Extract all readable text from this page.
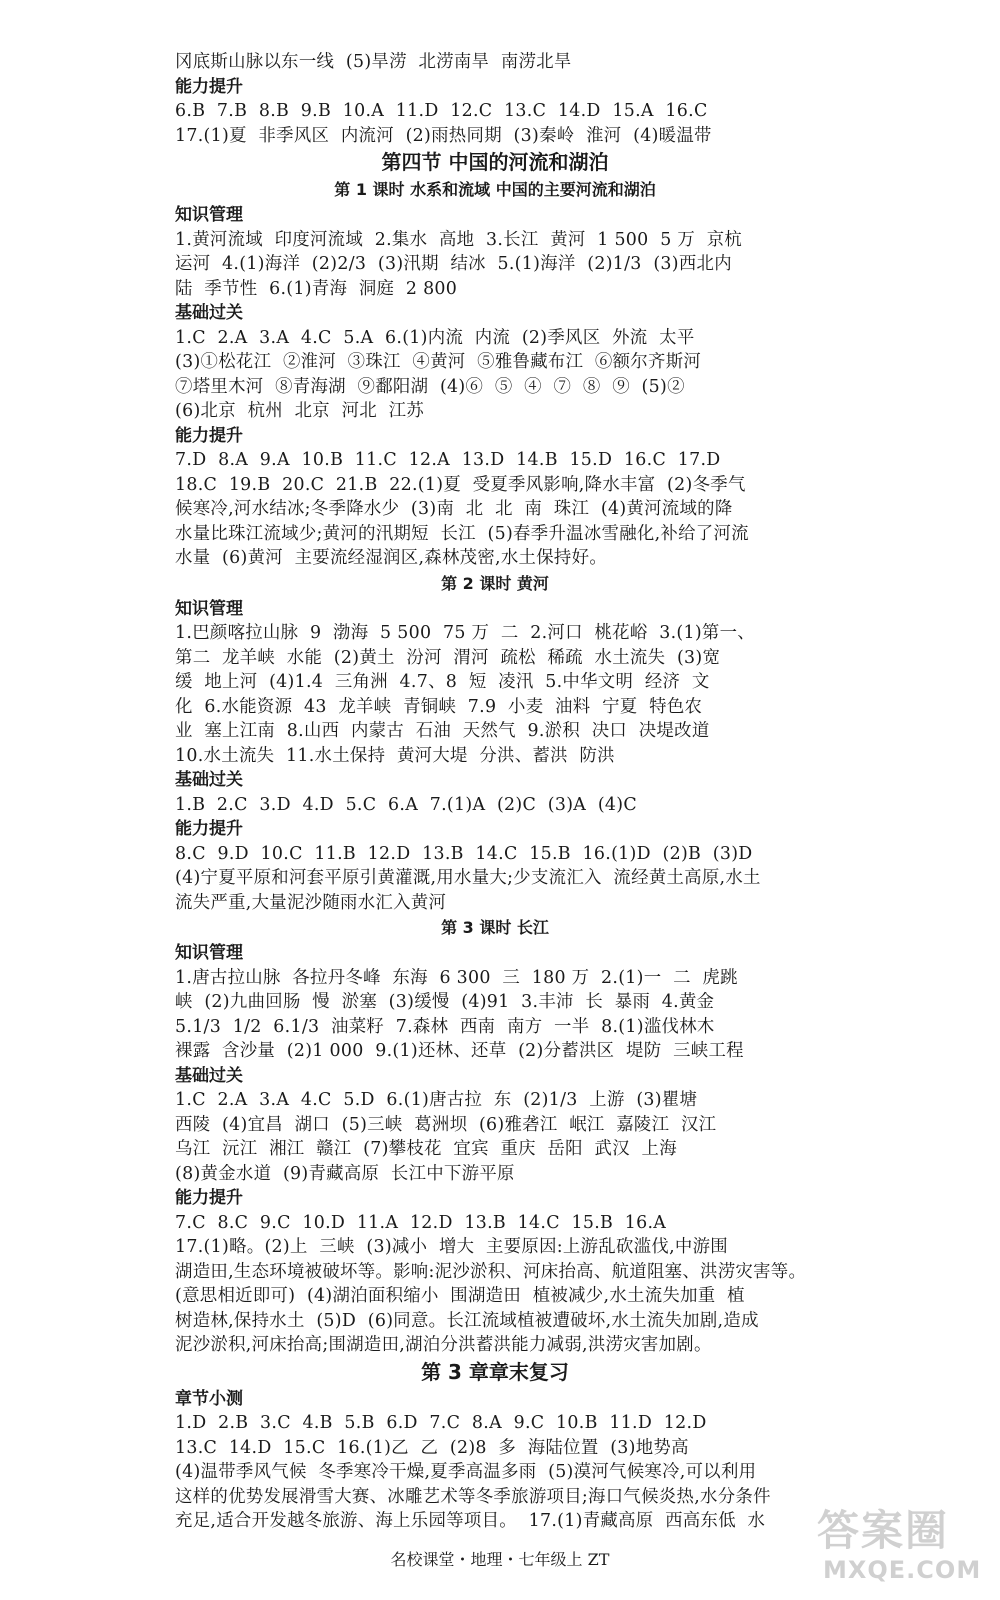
冈底斯山脉以东一线  (5)旱涝  北涝南旱  南涝北旱
能力提升
6.B  7.B  8.B  9.B  10.A  11.D  12.C  13.C  14.D  15.A  16.C
17.(1)夏  非季风区  内流河  (2)雨热同期  (3)秦岭  淮河  (4)暖温带
第四节 中国的河流和湖泊
第 1 课时 水系和流域 中国的主要河流和湖泊
知识管理
1.黄河流域  印度河流域  2.集水  高地  3.长江  黄河  1 500  5 万  京杭
运河  4.(1)海洋  (2)2/3  (3)汛期  结冰  5.(1)海洋  (2)1/3  (3)西北内
陆  季节性  6.(1)青海  洞庭  2 800
基础过关
1.C  2.A  3.A  4.C  5.A  6.(1)内流  内流  (2)季风区  外流  太平
(3)①松花江  ②淮河  ③珠江  ④黄河  ⑤雅鲁藏布江  ⑥额尔齐斯河
⑦塔里木河  ⑧青海湖  ⑨鄱阳湖  (4)⑥  ⑤  ④  ⑦  ⑧  ⑨  (5)②
(6)北京  杭州  北京  河北  江苏
能力提升
7.D  8.A  9.A  10.B  11.C  12.A  13.D  14.B  15.D  16.C  17.D
18.C  19.B  20.C  21.B  22.(1)夏  受夏季风影响,降水丰富  (2)冬季气
候寒冷,河水结冰;冬季降水少  (3)南  北  北  南  珠江  (4)黄河流域的降
水量比珠江流域少;黄河的汛期短  长江  (5)春季升温冰雪融化,补给了河流
水量  (6)黄河  主要流经湿润区,森林茂密,水土保持好。
第 2 课时 黄河
知识管理
1.巴颜喀拉山脉  9  渤海  5 500  75 万  二  2.河口  桃花峪  3.(1)第一、
第二  龙羊峡  水能  (2)黄土  汾河  渭河  疏松  稀疏  水土流失  (3)宽
缓  地上河  (4)1.4  三角洲  4.7、8  短  凌汛  5.中华文明  经济  文
化  6.水能资源  43  龙羊峡  青铜峡  7.9  小麦  油料  宁夏  特色农
业  塞上江南  8.山西  内蒙古  石油  天然气  9.淤积  决口  决堤改道
10.水土流失  11.水土保持  黄河大堤  分洪、蓄洪  防洪
基础过关
1.B  2.C  3.D  4.D  5.C  6.A  7.(1)A  (2)C  (3)A  (4)C
能力提升
8.C  9.D  10.C  11.B  12.D  13.B  14.C  15.B  16.(1)D  (2)B  (3)D
(4)宁夏平原和河套平原引黄灌溉,用水量大;少支流汇入  流经黄土高原,水土
流失严重,大量泥沙随雨水汇入黄河
第 3 课时 长江
知识管理
1.唐古拉山脉  各拉丹冬峰  东海  6 300  三  180 万  2.(1)一  二  虎跳
峡  (2)九曲回肠  慢  淤塞  (3)缓慢  (4)91  3.丰沛  长  暴雨  4.黄金
5.1/3  1/2  6.1/3  油菜籽  7.森林  西南  南方  一半  8.(1)滥伐林木
裸露  含沙量  (2)1 000  9.(1)还林、还草  (2)分蓄洪区  堤防  三峡工程
基础过关
1.C  2.A  3.A  4.C  5.D  6.(1)唐古拉  东  (2)1/3  上游  (3)瞿塘
西陵  (4)宜昌  湖口  (5)三峡  葛洲坝  (6)雅砻江  岷江  嘉陵江  汉江
乌江  沅江  湘江  赣江  (7)攀枝花  宜宾  重庆  岳阳  武汉  上海
(8)黄金水道  (9)青藏高原  长江中下游平原
能力提升
7.C  8.C  9.C  10.D  11.A  12.D  13.B  14.C  15.B  16.A
17.(1)略。(2)上  三峡  (3)减小  增大  主要原因:上游乱砍滥伐,中游围
湖造田,生态环境被破坏等。影响:泥沙淤积、河床抬高、航道阻塞、洪涝灾害等。
(意思相近即可)  (4)湖泊面积缩小  围湖造田  植被减少,水土流失加重  植
树造林,保持水土  (5)D  (6)同意。长江流域植被遭破坏,水土流失加剧,造成
泥沙淤积,河床抬高;围湖造田,湖泊分洪蓄洪能力减弱,洪涝灾害加剧。
第 3 章章末复习
章节小测
1.D  2.B  3.C  4.B  5.B  6.D  7.C  8.A  9.C  10.B  11.D  12.D
13.C  14.D  15.C  16.(1)乙  乙  (2)8  多  海陆位置  (3)地势高
(4)温带季风气候  冬季寒冷干燥,夏季高温多雨  (5)漠河气候寒冷,可以利用
这样的优势发展滑雪大赛、冰雕艺术等冬季旅游项目;海口气候炎热,水分条件
充足,适合开发越冬旅游、海上乐园等项目。  17.(1)青藏高原  西高东低  水
名校课堂・地理・七年级上 ZT
答案圈
MXQE.COM
